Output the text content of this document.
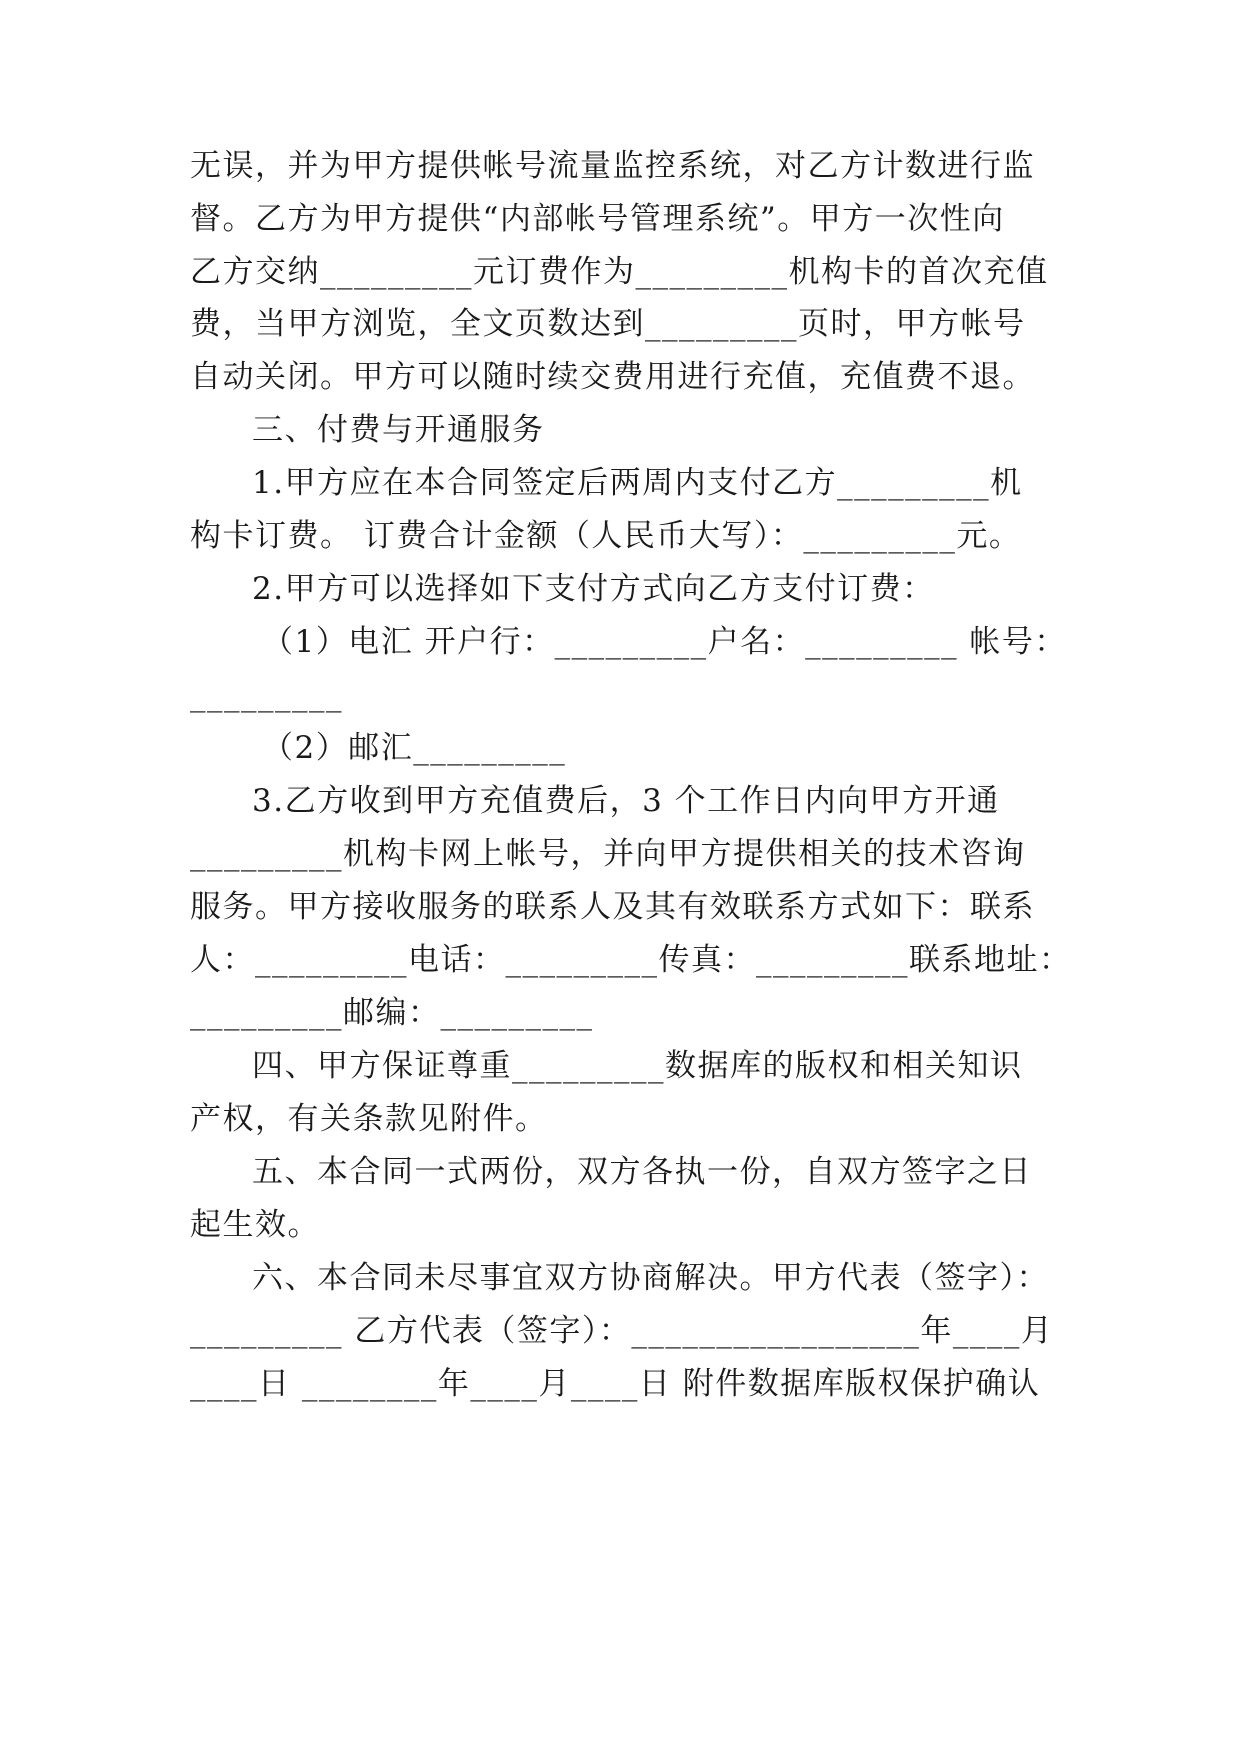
无误，并为甲方提供帐号流量监控系统，对乙方计数进行监
督。乙方为甲方提供“内部帐号管理系统”。甲方一次性向
乙方交纳_________元订费作为_________机构卡的首次充值
费，当甲方浏览，全文页数达到_________页时，甲方帐号
自动关闭。甲方可以随时续交费用进行充值，充值费不退。
三、付费与开通服务
1.甲方应在本合同签定后两周内支付乙方_________机
构卡订费。 订费合计金额（人民币大写）：_________元。
2.甲方可以选择如下支付方式向乙方支付订费：
（1）电汇 开户行：_________户名：_________ 帐号：
_________
（2）邮汇_________
3.乙方收到甲方充值费后，3 个工作日内向甲方开通
_________机构卡网上帐号，并向甲方提供相关的技术咨询
服务。甲方接收服务的联系人及其有效联系方式如下：联系
人：_________电话：_________传真：_________联系地址：
_________邮编：_________
四、甲方保证尊重_________数据库的版权和相关知识
产权，有关条款见附件。
五、本合同一式两份，双方各执一份，自双方签字之日
起生效。
六、本合同未尽事宜双方协商解决。甲方代表（签字）：
_________ 乙方代表（签字）：_________________年____月
____日 ________年____月____日 附件数据库版权保护确认
